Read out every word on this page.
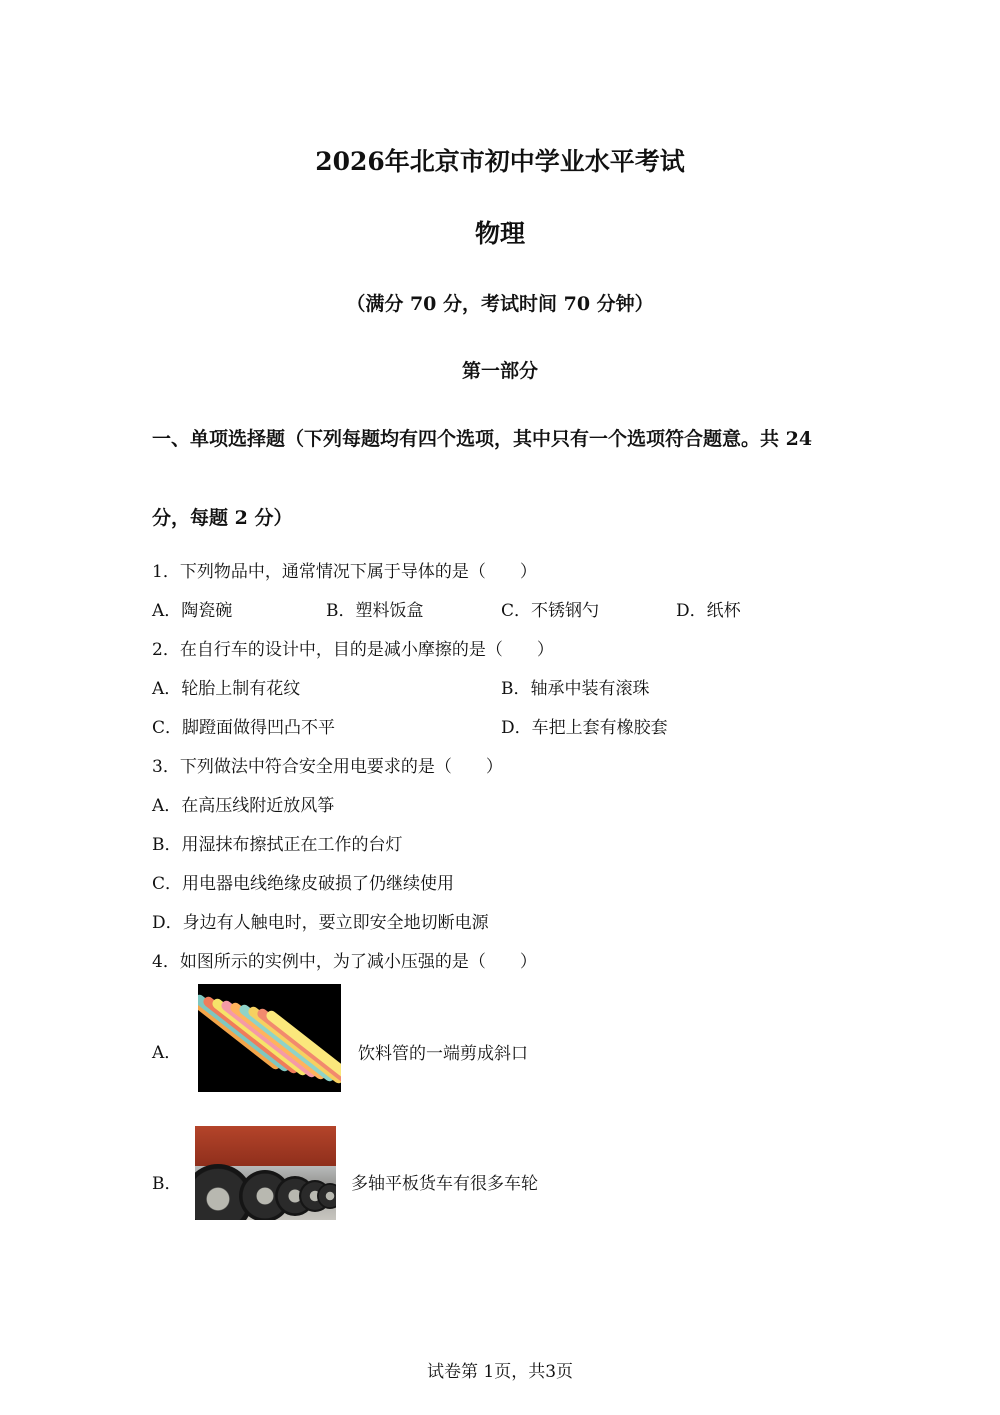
2026年北京市初中学业水平考试
物理
（满分 70 分，考试时间 70 分钟）
第一部分
一、单项选择题（下列每题均有四个选项，其中只有一个选项符合题意。共 24
分，每题 2 分）
1．下列物品中，通常情况下属于导体的是（　　）
A．陶瓷碗	B．塑料饭盒	C．不锈钢勺	D．纸杯
2．在自行车的设计中，目的是减小摩擦的是（　　）
A．轮胎上制有花纹	B．轴承中装有滚珠
C．脚蹬面做得凹凸不平	D．车把上套有橡胶套
3．下列做法中符合安全用电要求的是（　　）
A．在高压线附近放风筝
B．用湿抹布擦拭正在工作的台灯
C．用电器电线绝缘皮破损了仍继续使用
D．身边有人触电时，要立即安全地切断电源
4．如图所示的实例中，为了减小压强的是（　　）
A．	饮料管的一端剪成斜口
B．	多轴平板货车有很多车轮
试卷第 1页，共3页
